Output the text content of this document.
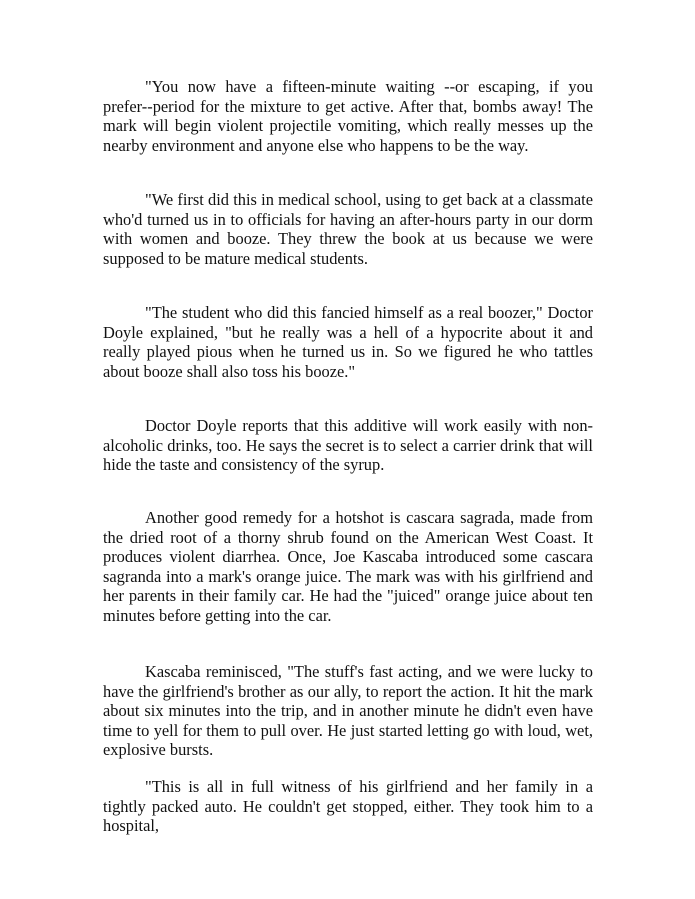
"You now have a fifteen-minute waiting --or escaping, if you prefer--period for the mixture to get active. After that, bombs away! The mark will begin violent projectile vomiting, which really messes up the nearby environment and anyone else who happens to be the way.

"We first did this in medical school, using to get back at a classmate who'd turned us in to officials for having an after-hours party in our dorm with women and booze. They threw the book at us because we were supposed to be mature medical students.

"The student who did this fancied himself as a real boozer," Doctor Doyle explained, "but he really was a hell of a hypocrite about it and really played pious when he turned us in. So we figured he who tattles about booze shall also toss his booze."

Doctor Doyle reports that this additive will work easily with non-alcoholic drinks, too. He says the secret is to select a carrier drink that will hide the taste and consistency of the syrup.

Another good remedy for a hotshot is cascara sagrada, made from the dried root of a thorny shrub found on the American West Coast. It produces violent diarrhea. Once, Joe Kascaba introduced some cascara sagranda into a mark's orange juice. The mark was with his girlfriend and her parents in their family car. He had the "juiced" orange juice about ten minutes before getting into the car.

Kascaba reminisced, "The stuff's fast acting, and we were lucky to have the girlfriend's brother as our ally, to report the action. It hit the mark about six minutes into the trip, and in another minute he didn't even have time to yell for them to pull over. He just started letting go with loud, wet, explosive bursts.

"This is all in full witness of his girlfriend and her family in a tightly packed auto. He couldn't get stopped, either. They took him to a hospital,
